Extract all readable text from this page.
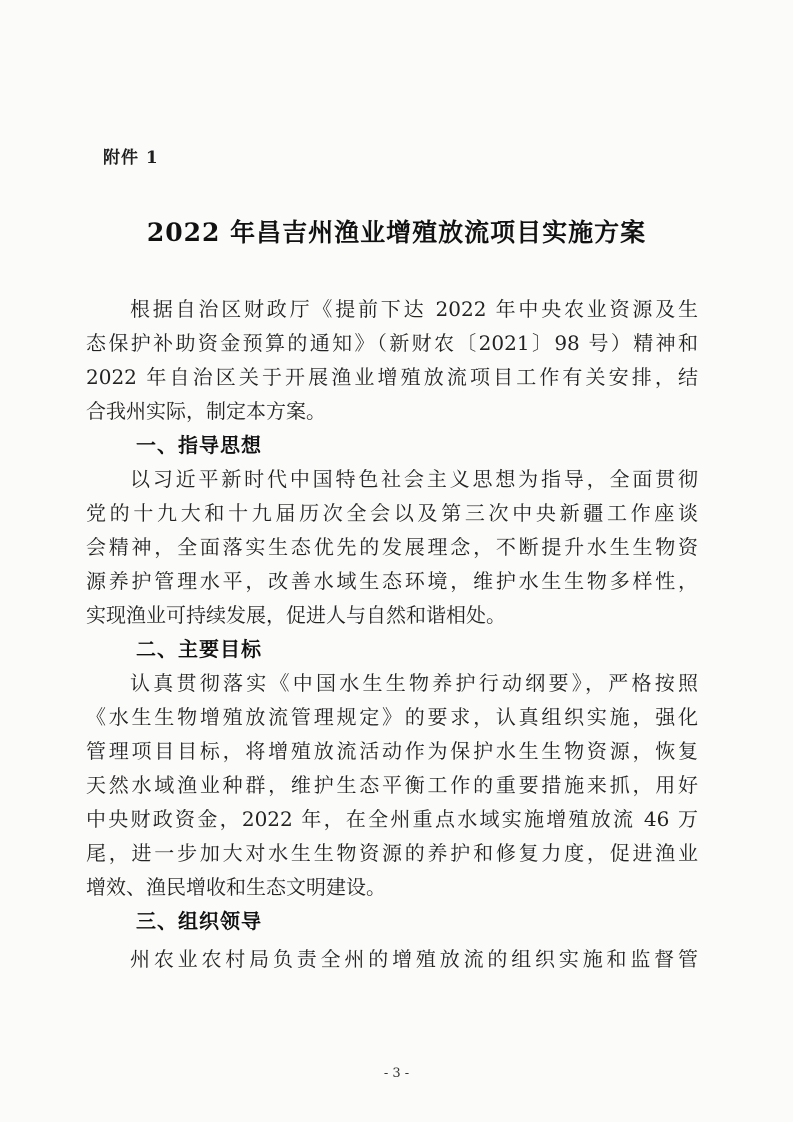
附件 1
2022 年昌吉州渔业增殖放流项目实施方案
根据自治区财政厅《提前下达 2022 年中央农业资源及生
态保护补助资金预算的通知》（新财农〔2021〕98 号）精神和
2022 年自治区关于开展渔业增殖放流项目工作有关安排，结
合我州实际，制定本方案。
一、指导思想
以习近平新时代中国特色社会主义思想为指导，全面贯彻
党的十九大和十九届历次全会以及第三次中央新疆工作座谈
会精神，全面落实生态优先的发展理念，不断提升水生生物资
源养护管理水平，改善水域生态环境，维护水生生物多样性，
实现渔业可持续发展，促进人与自然和谐相处。
二、主要目标
认真贯彻落实《中国水生生物养护行动纲要》，严格按照
《水生生物增殖放流管理规定》的要求，认真组织实施，强化
管理项目目标，将增殖放流活动作为保护水生生物资源，恢复
天然水域渔业种群，维护生态平衡工作的重要措施来抓，用好
中央财政资金，2022 年，在全州重点水域实施增殖放流 46 万
尾，进一步加大对水生生物资源的养护和修复力度，促进渔业
增效、渔民增收和生态文明建设。
三、组织领导
州农业农村局负责全州的增殖放流的组织实施和监督管
- 3 -
